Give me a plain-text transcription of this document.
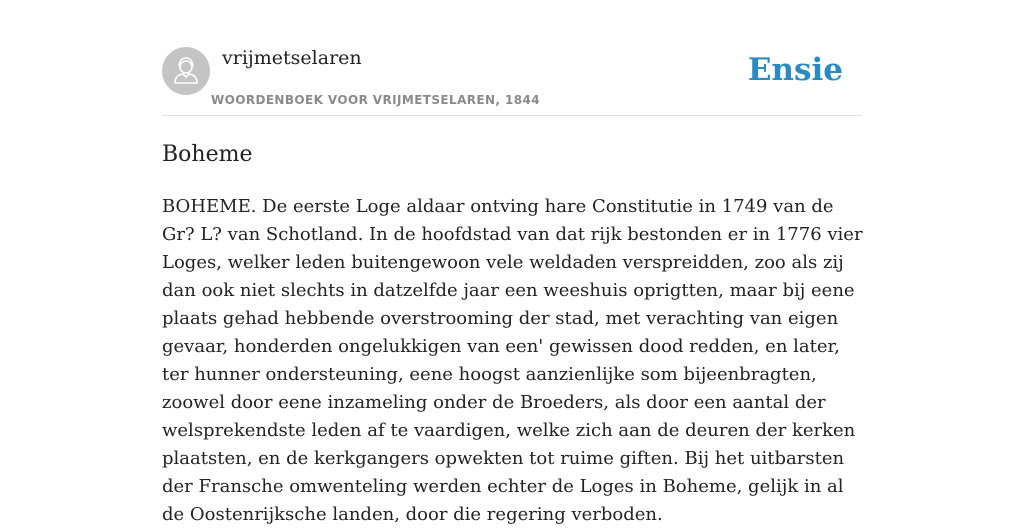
vrijmetselaren
WOORDENBOEK VOOR VRIJMETSELAREN, 1844
Ensie
Boheme

BOHEME. De eerste Loge aldaar ontving hare Constitutie in 1749 van de Gr? L? van Schotland. In de hoofdstad van dat rijk bestonden er in 1776 vier Loges, welker leden buitengewoon vele weldaden verspreidden, zoo als zij dan ook niet slechts in datzelfde jaar een weeshuis oprigtten, maar bij eene plaats gehad hebbende overstrooming der stad, met verachting van eigen gevaar, honderden ongelukkigen van een' gewissen dood redden, en later, ter hunner ondersteuning, eene hoogst aanzienlijke som bijeenbragten, zoowel door eene inzameling onder de Broeders, als door een aantal der welsprekendste leden af te vaardigen, welke zich aan de deuren der kerken plaatsten, en de kerkgangers opwekten tot ruime giften. Bij het uitbarsten der Fransche omwenteling werden echter de Loges in Boheme, gelijk in al de Oostenrijksche landen, door die regering verboden.
